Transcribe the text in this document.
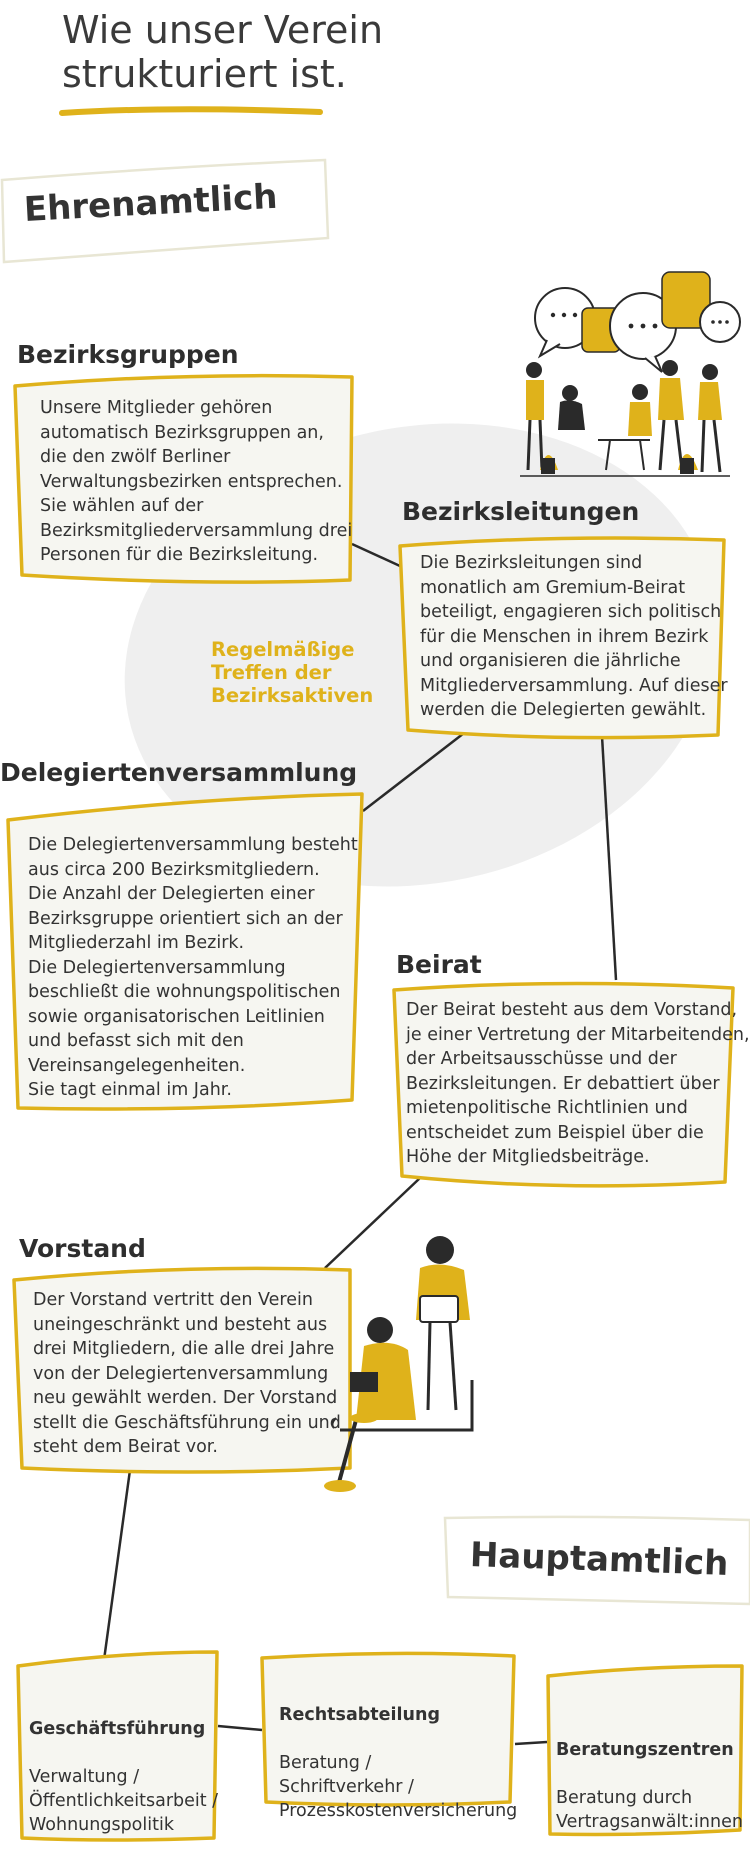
Wie unser Verein
strukturiert ist.
Ehrenamtlich
Hauptamtlich
Regelmäßige
Treffen der
Bezirksaktiven
Bezirksgruppen
Unsere Mitglieder gehören
automatisch Bezirksgruppen an,
die den zwölf Berliner
Verwaltungsbezirken entsprechen.
Sie wählen auf der
Bezirksmitgliederversammlung drei
Personen für die Bezirksleitung.
Bezirksleitungen
Die Bezirksleitungen sind
monatlich am Gremium-Beirat
beteiligt, engagieren sich politisch
für die Menschen in ihrem Bezirk
und organisieren die jährliche
Mitgliederversammlung. Auf dieser
werden die Delegierten gewählt.
Delegiertenversammlung
Die Delegiertenversammlung besteht
aus circa 200 Bezirksmitgliedern.
Die Anzahl der Delegierten einer
Bezirksgruppe orientiert sich an der
Mitgliederzahl im Bezirk.
Die Delegiertenversammlung
beschließt die wohnungspolitischen
sowie organisatorischen Leitlinien
und befasst sich mit den
Vereinsangelegenheiten.
Sie tagt einmal im Jahr.
Beirat
Der Beirat besteht aus dem Vorstand,
je einer Vertretung der Mitarbeitenden,
der Arbeitsausschüsse und der
Bezirksleitungen. Er debattiert über
mietenpolitische Richtlinien und
entscheidet zum Beispiel über die
Höhe der Mitgliedsbeiträge.
Vorstand
Der Vorstand vertritt den Verein
uneingeschränkt und besteht aus
drei Mitgliedern, die alle drei Jahre
von der Delegiertenversammlung
neu gewählt werden. Der Vorstand
stellt die Geschäftsführung ein und
steht dem Beirat vor.

Geschäftsführung

Verwaltung /
Öffentlichkeitsarbeit /
Wohnungspolitik

Rechtsabteilung

Beratung /
Schriftverkehr /
Prozesskostenversicherung

Beratungszentren

Beratung durch
Vertragsanwält:innen
